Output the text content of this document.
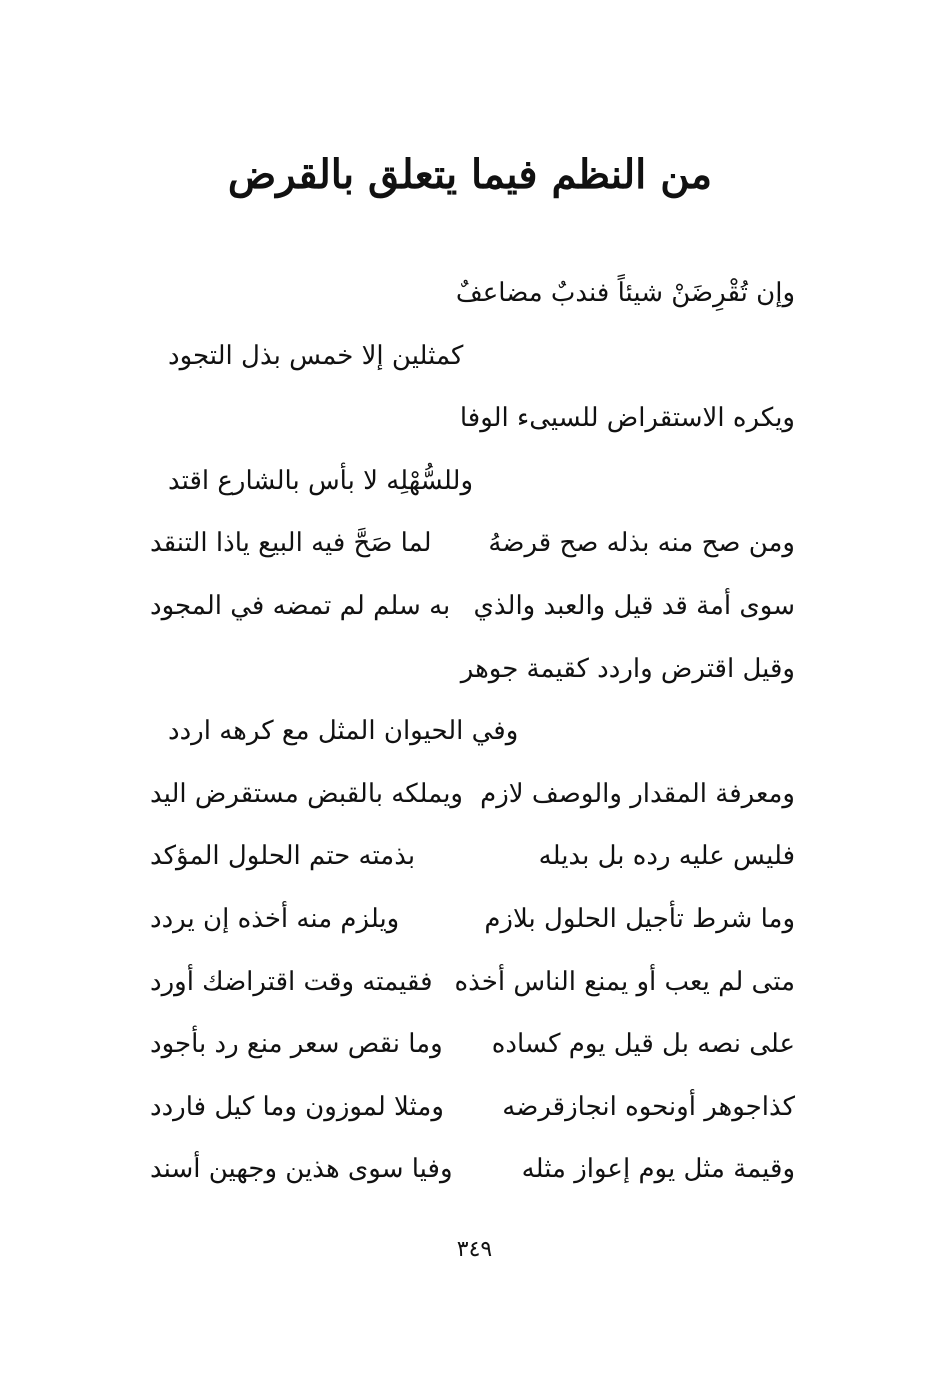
من النظم فيما يتعلق بالقرض
وإن تُقْرِضَنْ شيئاً فندبٌ مضاعفٌ
كمثلين إلا خمس بذل التجود
ويكره الاستقراض للسيىء الوفا
وللسُّهْلِه لا بأس بالشارع اقتد
ومن صح منه بذله صح قرضهُ
لما صَحَّ فيه البيع ياذا التنقد
سوى أمة قد قيل والعبد والذي
به سلم لم تمضه في المجود
وقيل اقترض واردد كقيمة جوهر
وفي الحيوان المثل مع كرهه اردد
ومعرفة المقدار والوصف لازم
ويملكه بالقبض مستقرض اليد
فليس عليه رده بل بديله
بذمته حتم الحلول المؤكد
وما شرط تأجيل الحلول بلازم
ويلزم منه أخذه إن يردد
متى لم يعب أو يمنع الناس أخذه
فقيمته وقت اقتراضك أورد
على نصه بل قيل يوم كساده
وما نقص سعر منع رد بأجود
كذاجوهر أونحوه انجازقرضه
ومثلا لموزون وما كيل فاردد
وقيمة مثل يوم إعواز مثله
وفيا سوى هذين وجهين أسند
٣٤٩
